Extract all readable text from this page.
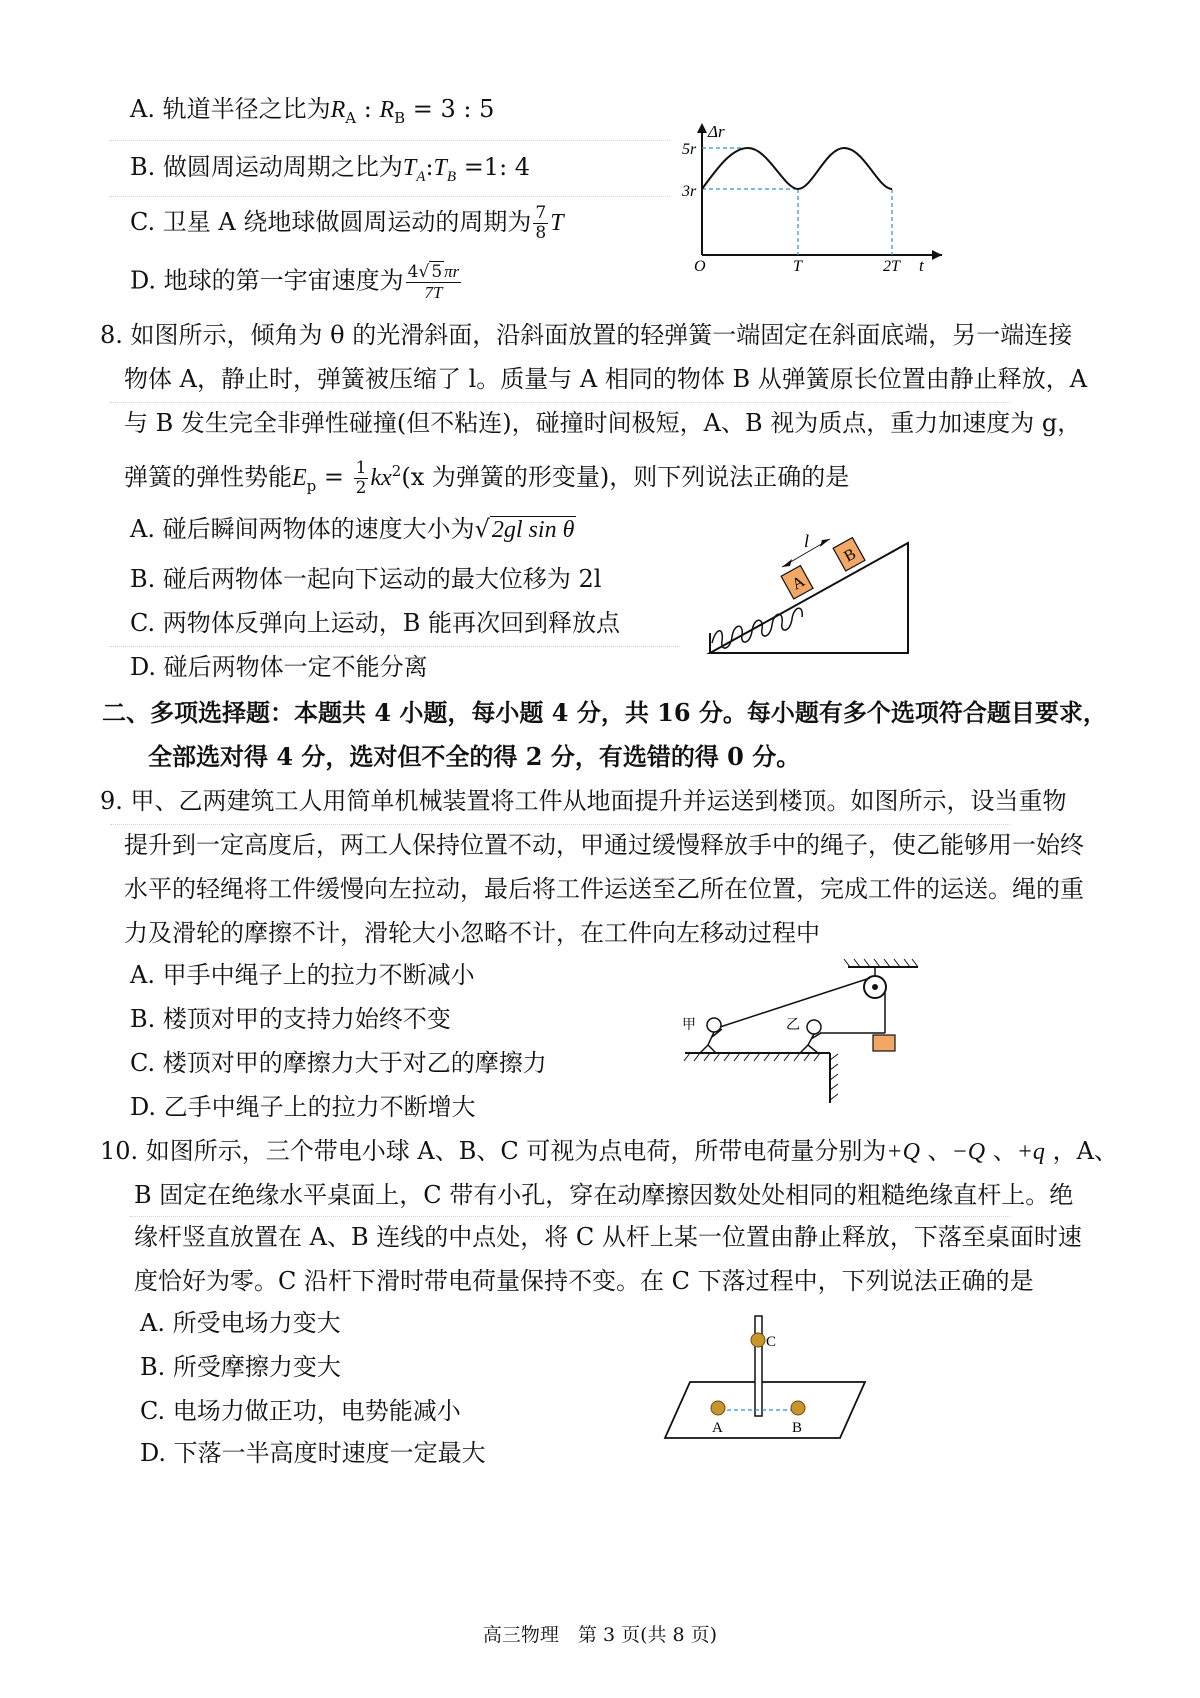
A. 轨道半径之比为$R_A$ : $R_B = 3$ : 5
B. 做圆周运动周期之比为$T_A:T_B =1$: 4
C. 卫星 A 绕地球做圆周运动的周期为 $\frac{7}{8}$ T
D. 地球的第一宇宙速度为 $\frac{4√ 5 \pi r}{7T}$
Δr
t
O
5r
3r
T	2T
8. 如图所示，倾角为 θ 的光滑斜面，沿斜面放置的轻弹簧一端固定在斜面底端，另一端连接
物体 A，静止时，弹簧被压缩了 l。质量与 A 相同的物体 B 从弹簧原长位置由静止释放，A
与 B 发生完全非弹性碰撞(但不粘连)，碰撞时间极短，A、B 视为质点，重力加速度为 g，
弹簧的弹性势能$E_p = \frac{1}{2} kx^2(x$ 为弹簧的形变量)，则下列说法正确的是
A. 碰后瞬间两物体的速度大小为√2gl sin θ
B. 碰后两物体一起向下运动的最大位移为 2l
C. 两物体反弹向上运动，B 能再次回到释放点
D. 碰后两物体一定不能分离
A
B
l
二、多项选择题：本题共 4 小题，每小题 4 分，共 16 分。每小题有多个选项符合题目要求，
全部选对得 4 分，选对但不全的得 2 分，有选错的得 0 分。
9. 甲、乙两建筑工人用简单机械装置将工件从地面提升并运送到楼顶。如图所示，设当重物
提升到一定高度后，两工人保持位置不动，甲通过缓慢释放手中的绳子，使乙能够用一始终
水平的轻绳将工件缓慢向左拉动，最后将工件运送至乙所在位置，完成工件的运送。绳的重
力及滑轮的摩擦不计，滑轮大小忽略不计，在工件向左移动过程中
A. 甲手中绳子上的拉力不断减小
B. 楼顶对甲的支持力始终不变
C. 楼顶对甲的摩擦力大于对乙的摩擦力
D. 乙手中绳子上的拉力不断增大
甲	乙
10. 如图所示，三个带电小球 A、B、C 可视为点电荷，所带电荷量分别为+Q 、−Q 、+q ，A、
B 固定在绝缘水平桌面上，C 带有小孔，穿在动摩擦因数处处相同的粗糙绝缘直杆上。绝
缘杆竖直放置在 A、B 连线的中点处，将 C 从杆上某一位置由静止释放，下落至桌面时速
度恰好为零。C 沿杆下滑时带电荷量保持不变。在 C 下落过程中，下列说法正确的是
A. 所受电场力变大
B. 所受摩擦力变大
C. 电场力做正功，电势能减小
D. 下落一半高度时速度一定最大
C
A	B
高三物理　第 3 页(共 8 页)
